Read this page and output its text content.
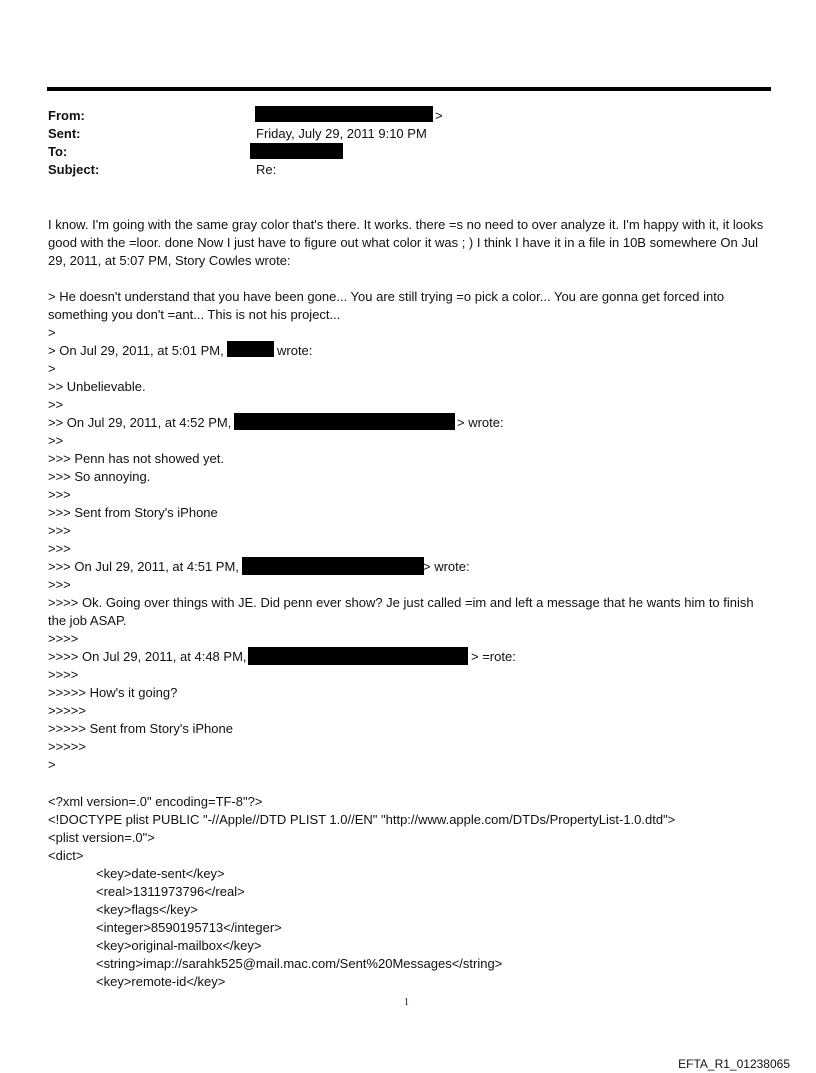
From:	>
Sent:	Friday, July 29, 2011 9:10 PM
To:
Subject:	Re:
I know. I'm going with the same gray color that's there. It works. there =s no need to over analyze it. I'm happy with it, it looks good with the =loor. done Now I just have to figure out what color it was ; ) I think I have it in a file in 10B somewhere On Jul 29, 2011, at 5:07 PM, Story Cowles wrote:
> He doesn't understand that you have been gone... You are still trying =o pick a color... You are gonna get forced into something you don't =ant... This is not his project...
>
> On Jul 29, 2011, at 5:01 PM,	wrote:
>
>> Unbelievable.
>>
>> On Jul 29, 2011, at 4:52 PM,	> wrote:
>>
>>> Penn has not showed yet.
>>> So annoying.
>>>
>>> Sent from Story's iPhone
>>>
>>>
>>> On Jul 29, 2011, at 4:51 PM,	> wrote:
>>>
>>>> Ok. Going over things with JE. Did penn ever show? Je just called =im and left a message that he wants him to finish the job ASAP.
>>>>
>>>> On Jul 29, 2011, at 4:48 PM,	> =rote:
>>>>
>>>>> How's it going?
>>>>>
>>>>> Sent from Story's iPhone
>>>>>
>
<?xml version=.0" encoding=TF-8"?>
<!DOCTYPE plist PUBLIC "-//Apple//DTD PLIST 1.0//EN" "http://www.apple.com/DTDs/PropertyList-1.0.dtd">
<plist version=.0">
<dict>
<key>date-sent</key>
<real>1311973796</real>
<key>flags</key>
<integer>8590195713</integer>
<key>original-mailbox</key>
<string>imap://sarahk525@mail.mac.com/Sent%20Messages</string>
<key>remote-id</key>
1
EFTA_R1_01238065
